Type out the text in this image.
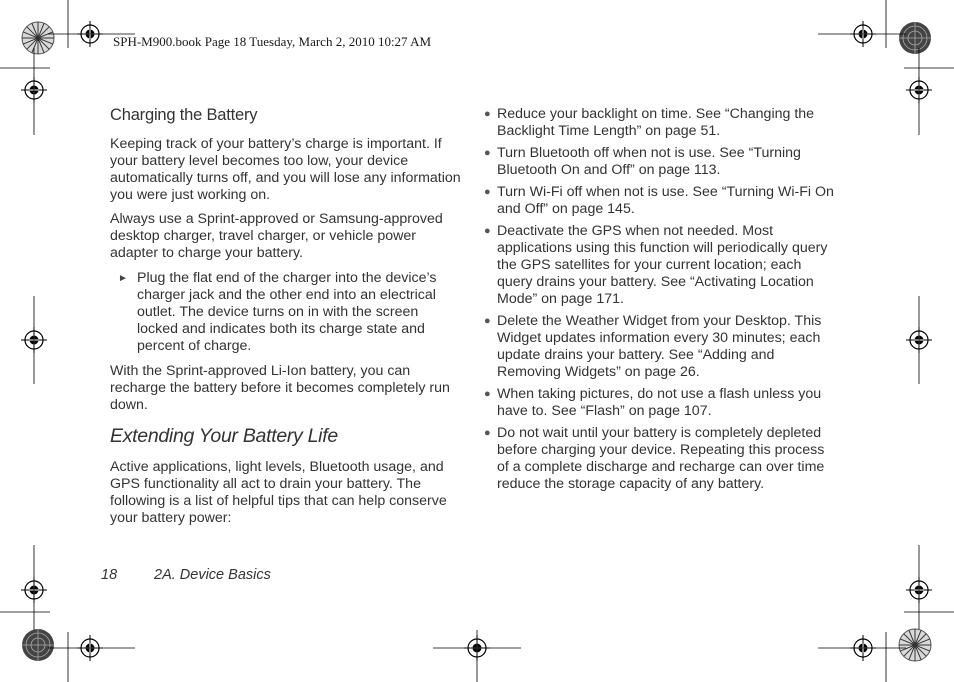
SPH-M900.book Page 18 Tuesday, March 2, 2010 10:27 AM
Charging the Battery
Keeping track of your battery’s charge is important. If your battery level becomes too low, your device automatically turns off, and you will lose any information you were just working on.
Always use a Sprint-approved or Samsung-approved desktop charger, travel charger, or vehicle power adapter to charge your battery.
► Plug the flat end of the charger into the device’s charger jack and the other end into an electrical outlet. The device turns on in with the screen locked and indicates both its charge state and percent of charge.
With the Sprint-approved Li-Ion battery, you can recharge the battery before it becomes completely run down.
Extending Your Battery Life
Active applications, light levels, Bluetooth usage, and GPS functionality all act to drain your battery. The following is a list of helpful tips that can help conserve your battery power:
● Reduce your backlight on time. See “Changing the Backlight Time Length” on page 51.
● Turn Bluetooth off when not is use. See “Turning Bluetooth On and Off” on page 113.
● Turn Wi-Fi off when not is use. See “Turning Wi-Fi On and Off” on page 145.
● Deactivate the GPS when not needed. Most applications using this function will periodically query the GPS satellites for your current location; each query drains your battery. See “Activating Location Mode” on page 171.
● Delete the Weather Widget from your Desktop. This Widget updates information every 30 minutes; each update drains your battery. See “Adding and Removing Widgets” on page 26.
● When taking pictures, do not use a flash unless you have to. See “Flash” on page 107.
● Do not wait until your battery is completely depleted before charging your device. Repeating this process of a complete discharge and recharge can over time reduce the storage capacity of any battery.
18	2A. Device Basics
